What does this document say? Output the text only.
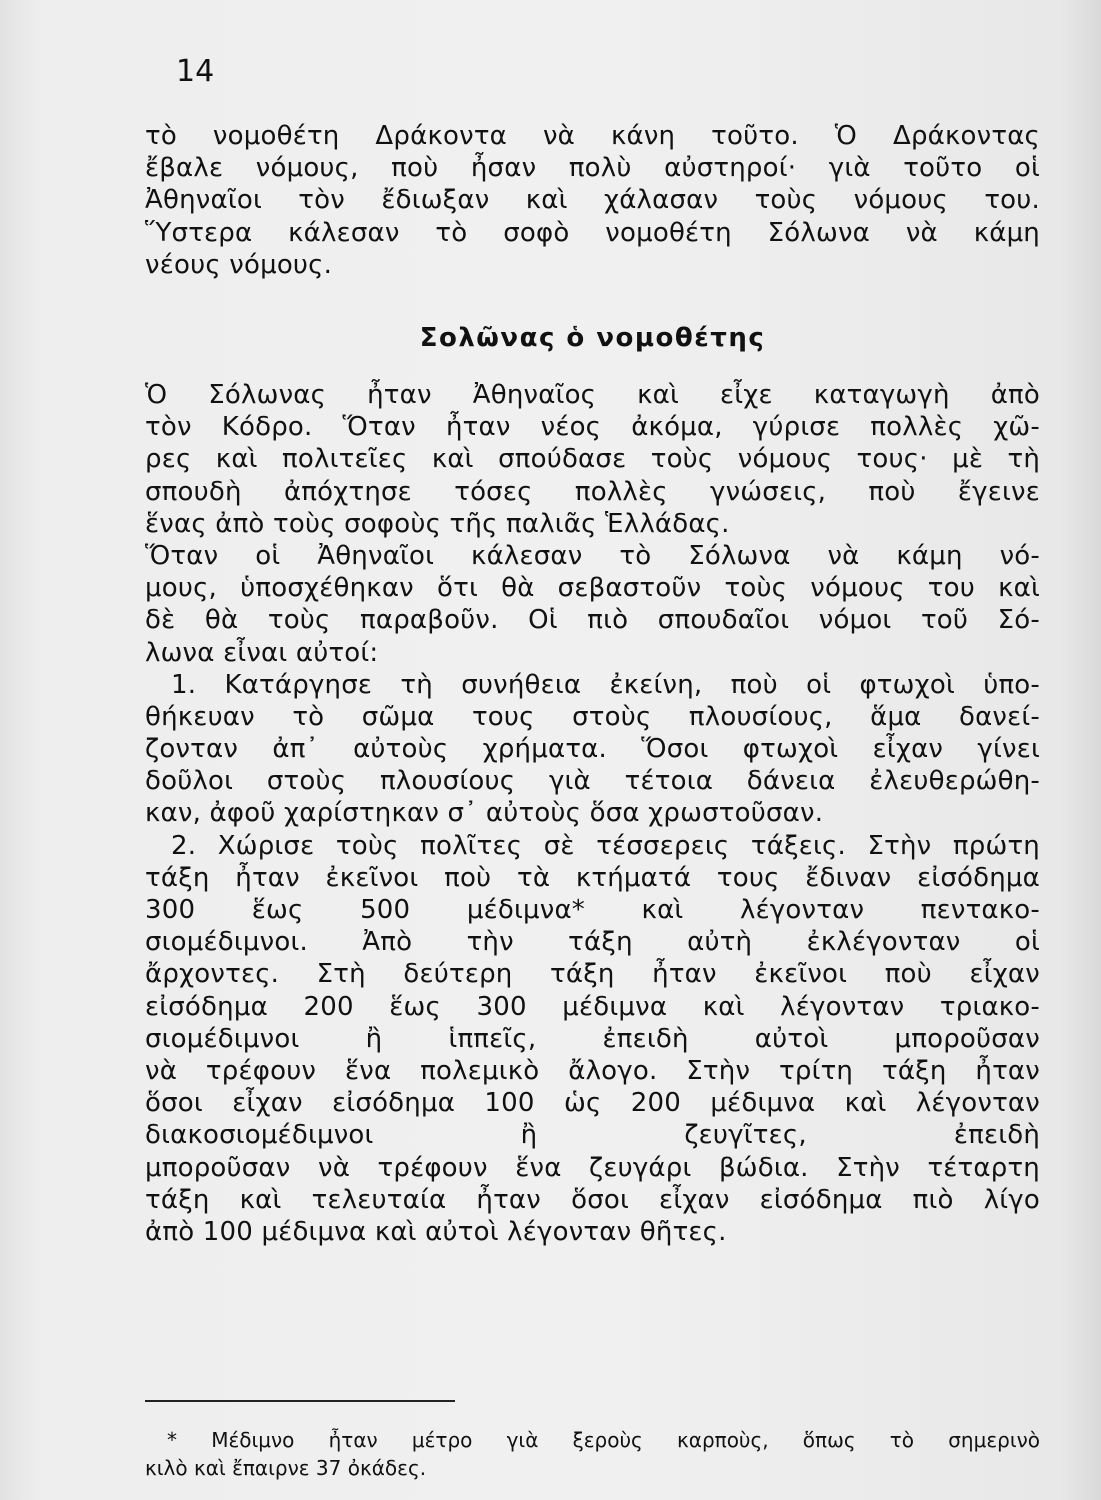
14
τὸ νομοθέτη Δράκοντα νὰ κάνη τοῦτο. Ὁ Δράκοντας
ἔβαλε νόμους, ποὺ ἦσαν πολὺ αὐστηροί· γιὰ τοῦτο οἱ
Ἀθηναῖοι τὸν ἔδιωξαν καὶ χάλασαν τοὺς νόμους του.
Ὕστερα κάλεσαν τὸ σοφὸ νομοθέτη Σόλωνα νὰ κάμη
νέους νόμους.
Σολῶνας ὁ νομοθέτης
Ὁ Σόλωνας ἦταν Ἀθηναῖος καὶ εἶχε καταγωγὴ ἀπὸ
τὸν Κόδρο. Ὅταν ἦταν νέος ἀκόμα, γύρισε πολλὲς χῶ-
ρες καὶ πολιτεῖες καὶ σπούδασε τοὺς νόμους τους· μὲ τὴ
σπουδὴ ἀπόχτησε τόσες πολλὲς γνώσεις, ποὺ ἔγεινε
ἕνας ἀπὸ τοὺς σοφοὺς τῆς παλιᾶς Ἑλλάδας.
Ὅταν οἱ Ἀθηναῖοι κάλεσαν τὸ Σόλωνα νὰ κάμη νό-
μους, ὑποσχέθηκαν ὅτι θὰ σεβαστοῦν τοὺς νόμους του καὶ
δὲ θὰ τοὺς παραβοῦν. Οἱ πιὸ σπουδαῖοι νόμοι τοῦ Σό-
λωνα εἶναι αὐτοί:
1. Κατάργησε τὴ συνήθεια ἐκείνη, ποὺ οἱ φτωχοὶ ὑπο-
θήκευαν τὸ σῶμα τους στοὺς πλουσίους, ἅμα δανεί-
ζονταν ἀπ᾽ αὐτοὺς χρήματα. Ὅσοι φτωχοὶ εἶχαν γίνει
δοῦλοι στοὺς πλουσίους γιὰ τέτοια δάνεια ἐλευθερώθη-
καν, ἀφοῦ χαρίστηκαν σ᾽ αὐτοὺς ὅσα χρωστοῦσαν.
2. Χώρισε τοὺς πολῖτες σὲ τέσσερεις τάξεις. Στὴν πρώτη
τάξη ἦταν ἐκεῖνοι ποὺ τὰ κτήματά τους ἔδιναν εἰσόδημα
300 ἕως 500 μέδιμνα* καὶ λέγονταν πεντακο-
σιομέδιμνοι. Ἀπὸ τὴν τάξη αὐτὴ ἐκλέγονταν οἱ
ἄρχοντες. Στὴ δεύτερη τάξη ἦταν ἐκεῖνοι ποὺ εἶχαν
εἰσόδημα 200 ἕως 300 μέδιμνα καὶ λέγονταν τριακο-
σιομέδιμνοι ἢ ἱππεῖς, ἐπειδὴ αὐτοὶ μποροῦσαν
νὰ τρέφουν ἕνα πολεμικὸ ἄλογο. Στὴν τρίτη τάξη ἦταν
ὅσοι εἶχαν εἰσόδημα 100 ὡς 200 μέδιμνα καὶ λέγονταν
διακοσιομέδιμνοι ἢ ζευγῖτες, ἐπειδὴ
μποροῦσαν νὰ τρέφουν ἕνα ζευγάρι βώδια. Στὴν τέταρτη
τάξη καὶ τελευταία ἦταν ὅσοι εἶχαν εἰσόδημα πιὸ λίγο
ἀπὸ 100 μέδιμνα καὶ αὐτοὶ λέγονταν θῆτες.
* Μέδιμνο ἦταν μέτρο γιὰ ξεροὺς καρποὺς, ὅπως τὸ σημερινὸ
κιλὸ καὶ ἔπαιρνε 37 ὀκάδες.
